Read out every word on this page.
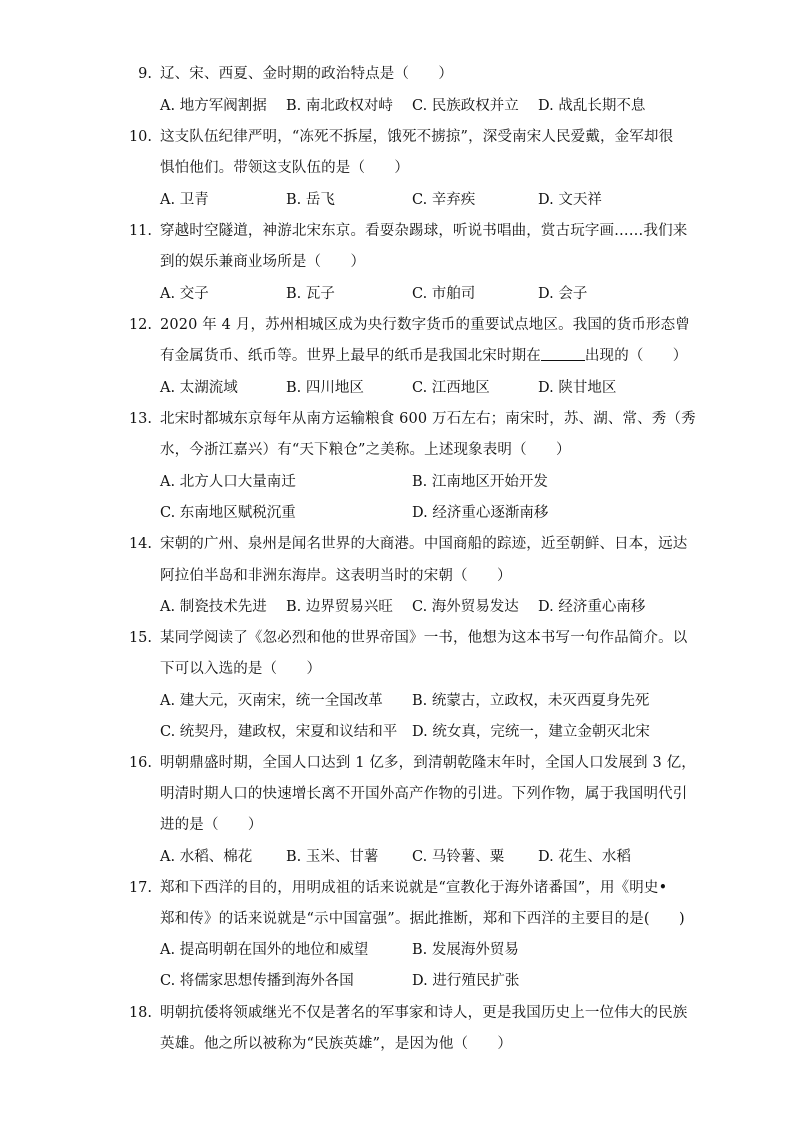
9. 辽、宋、西夏、金时期的政治特点是（　　）
A. 地方军阀割据 B. 南北政权对峙 C. 民族政权并立 D. 战乱长期不息
10. 这支队伍纪律严明，“冻死不拆屋，饿死不掳掠”，深受南宋人民爱戴，金军却很
惧怕他们。带领这支队伍的是（　　）
A. 卫青	B. 岳飞	C. 辛弃疾	D. 文天祥
11. 穿越时空隧道，神游北宋东京。看耍杂踢球，听说书唱曲，赏古玩字画……我们来
到的娱乐兼商业场所是（　　）
A. 交子	B. 瓦子	C. 市舶司	D. 会子
12. 2020 年 4 月，苏州相城区成为央行数字货币的重要试点地区。我国的货币形态曾
有金属货币、纸币等。世界上最早的纸币是我国北宋时期在	出现的（　　）
A. 太湖流域	B. 四川地区	C. 江西地区	D. 陕甘地区
13. 北宋时都城东京每年从南方运输粮食 600 万石左右；南宋时，苏、湖、常、秀（秀
水，今浙江嘉兴）有“天下粮仓”之美称。上述现象表明（　　）
A. 北方人口大量南迁	B. 江南地区开始开发
C. 东南地区赋税沉重	D. 经济重心逐渐南移
14. 宋朝的广州、泉州是闻名世界的大商港。中国商船的踪迹，近至朝鲜、日本，远达
阿拉伯半岛和非洲东海岸。这表明当时的宋朝（　　）
A. 制瓷技术先进 B. 边界贸易兴旺 C. 海外贸易发达 D. 经济重心南移
15. 某同学阅读了《忽必烈和他的世界帝国》一书，他想为这本书写一句作品简介。以
下可以入选的是（　　）
A. 建大元，灭南宋，统一全国改革 B. 统蒙古，立政权，未灭西夏身先死
C. 统契丹，建政权，宋夏和议结和平 D. 统女真，完统一，建立金朝灭北宋
16. 明朝鼎盛时期，全国人口达到 1 亿多，到清朝乾隆末年时，全国人口发展到 3 亿，
明清时期人口的快速增长离不开国外高产作物的引进。下列作物，属于我国明代引
进的是（　　）
A. 水稻、棉花 B. 玉米、甘薯 C. 马铃薯、粟 D. 花生、水稻
17. 郑和下西洋的目的，用明成祖的话来说就是“宣教化于海外诸番国”，用《明史•
郑和传》的话来说就是“示中国富强”。据此推断，郑和下西洋的主要目的是(　　)
A. 提高明朝在国外的地位和威望	B. 发展海外贸易
C. 将儒家思想传播到海外各国	D. 进行殖民扩张
18. 明朝抗倭将领戚继光不仅是著名的军事家和诗人，更是我国历史上一位伟大的民族
英雄。他之所以被称为“民族英雄”，是因为他（　　）
